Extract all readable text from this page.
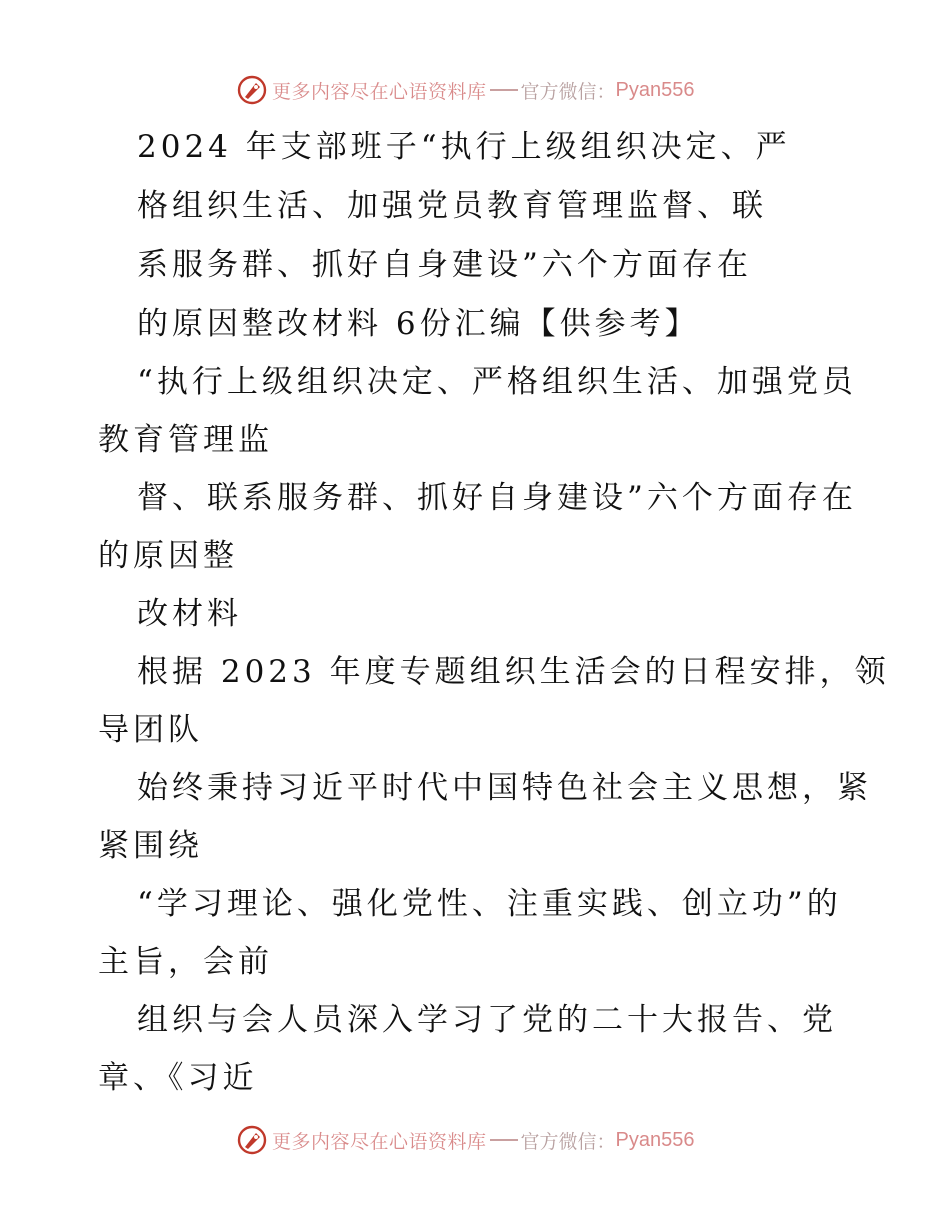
更多内容尽在心语资料库 官方微信： Pyan556
2024 年支部班子“执行上级组织决定、严
格组织生活、加强党员教育管理监督、联
系服务群、抓好自身建设”六个方面存在
的原因整改材料 6份汇编【供参考】
“执行上级组织决定、严格组织生活、加强党员
教育管理监
督、联系服务群、抓好自身建设”六个方面存在
的原因整
改材料
根据 2023 年度专题组织生活会的日程安排，领
导团队
始终秉持习近平时代中国特色社会主义思想，紧
紧围绕
“学习理论、强化党性、注重实践、创立功”的
主旨，会前
组织与会人员深入学习了党的二十大报告、党
章、《习近
更多内容尽在心语资料库 官方微信： Pyan556
